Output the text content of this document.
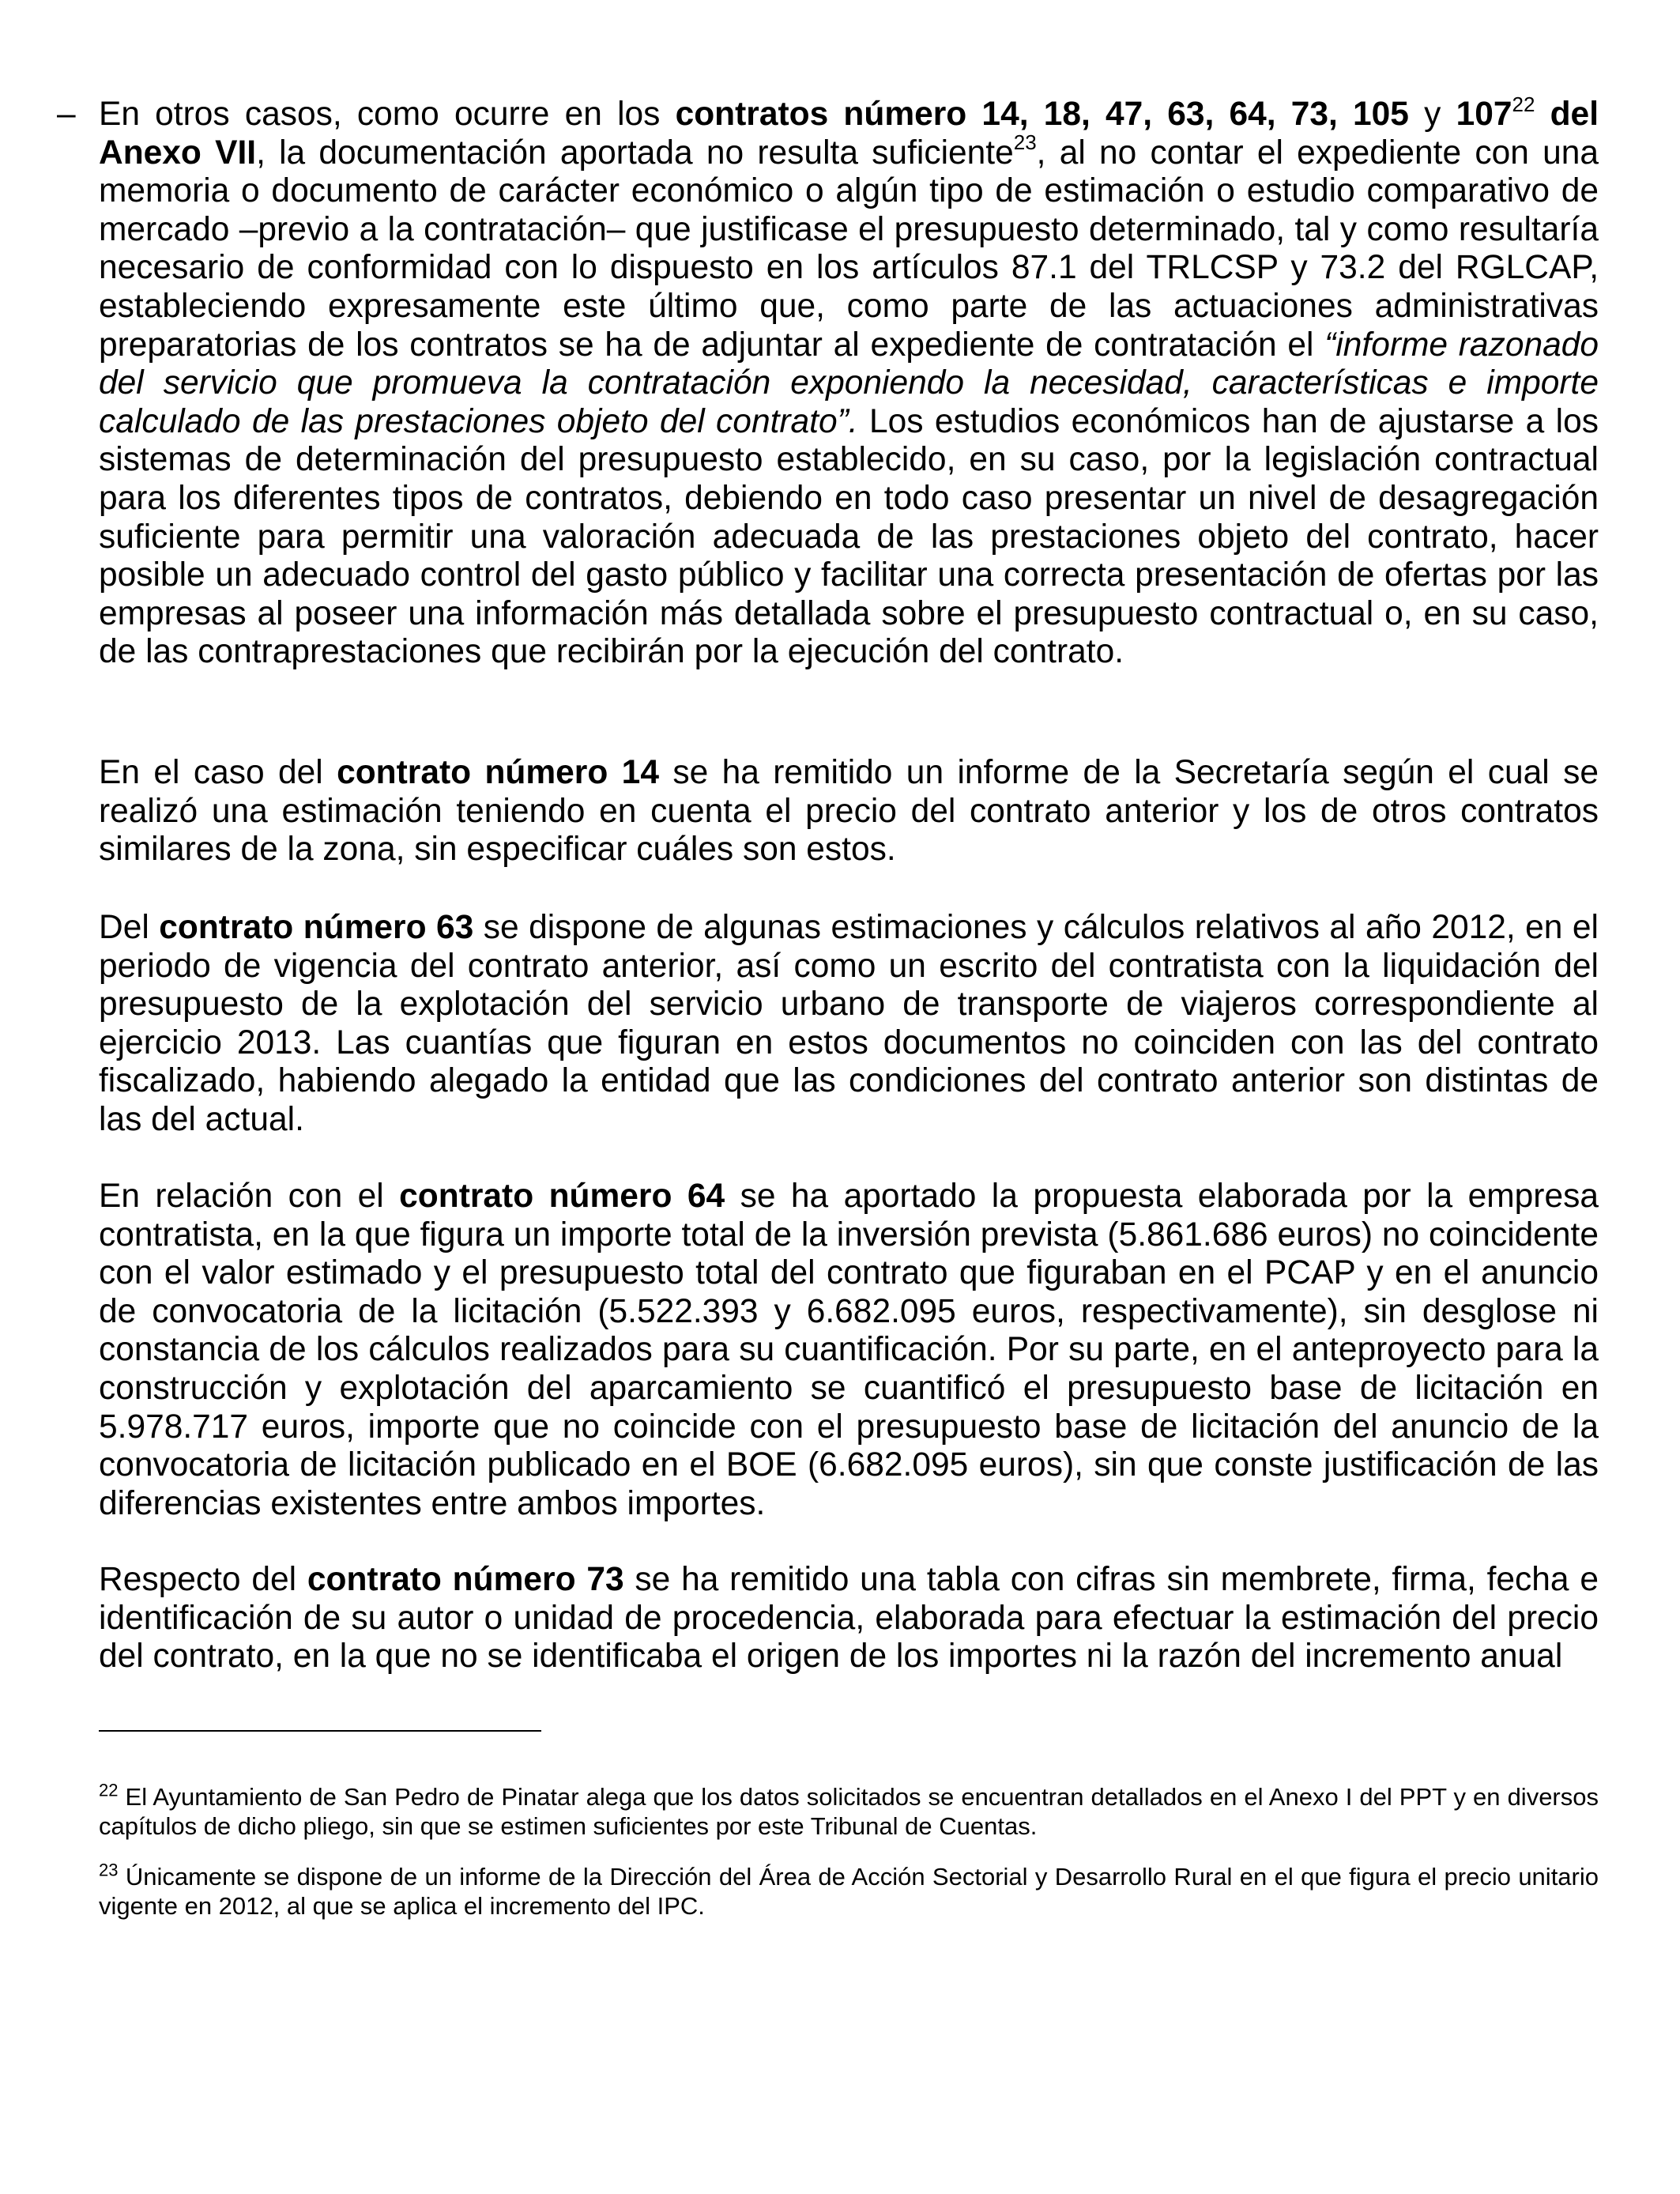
– En otros casos, como ocurre en los contratos número 14, 18, 47, 63, 64, 73, 105 y 107$^{22}$ del Anexo VII, la documentación aportada no resulta suficiente$^{23}$, al no contar el expediente con una memoria o documento de carácter económico o algún tipo de estimación o estudio comparativo de mercado –previo a la contratación– que justificase el presupuesto determinado, tal y como resultaría necesario de conformidad con lo dispuesto en los artículos 87.1 del TRLCSP y 73.2 del RGLCAP, estableciendo expresamente este último que, como parte de las actuaciones administrativas preparatorias de los contratos se ha de adjuntar al expediente de contratación el “informe razonado del servicio que promueva la contratación exponiendo la necesidad, características e importe calculado de las prestaciones objeto del contrato”. Los estudios económicos han de ajustarse a los sistemas de determinación del presupuesto establecido, en su caso, por la legislación contractual para los diferentes tipos de contratos, debiendo en todo caso presentar un nivel de desagregación suficiente para permitir una valoración adecuada de las prestaciones objeto del contrato, hacer posible un adecuado control del gasto público y facilitar una correcta presentación de ofertas por las empresas al poseer una información más detallada sobre el presupuesto contractual o, en su caso, de las contraprestaciones que recibirán por la ejecución del contrato.

En el caso del contrato número 14 se ha remitido un informe de la Secretaría según el cual se realizó una estimación teniendo en cuenta el precio del contrato anterior y los de otros contratos similares de la zona, sin especificar cuáles son estos.

Del contrato número 63 se dispone de algunas estimaciones y cálculos relativos al año 2012, en el periodo de vigencia del contrato anterior, así como un escrito del contratista con la liquidación del presupuesto de la explotación del servicio urbano de transporte de viajeros correspondiente al ejercicio 2013. Las cuantías que figuran en estos documentos no coinciden con las del contrato fiscalizado, habiendo alegado la entidad que las condiciones del contrato anterior son distintas de las del actual.

En relación con el contrato número 64 se ha aportado la propuesta elaborada por la empresa contratista, en la que figura un importe total de la inversión prevista (5.861.686 euros) no coincidente con el valor estimado y el presupuesto total del contrato que figuraban en el PCAP y en el anuncio de convocatoria de la licitación (5.522.393 y 6.682.095 euros, respectivamente), sin desglose ni constancia de los cálculos realizados para su cuantificación. Por su parte, en el anteproyecto para la construcción y explotación del aparcamiento se cuantificó el presupuesto base de licitación en 5.978.717 euros, importe que no coincide con el presupuesto base de licitación del anuncio de la convocatoria de licitación publicado en el BOE (6.682.095 euros), sin que conste justificación de las diferencias existentes entre ambos importes.

Respecto del contrato número 73 se ha remitido una tabla con cifras sin membrete, firma, fecha e identificación de su autor o unidad de procedencia, elaborada para efectuar la estimación del precio del contrato, en la que no se identificaba el origen de los importes ni la razón del incremento anual

$^{22}$ El Ayuntamiento de San Pedro de Pinatar alega que los datos solicitados se encuentran detallados en el Anexo I del PPT y en diversos capítulos de dicho pliego, sin que se estimen suficientes por este Tribunal de Cuentas.
$^{23}$ Únicamente se dispone de un informe de la Dirección del Área de Acción Sectorial y Desarrollo Rural en el que figura el precio unitario vigente en 2012, al que se aplica el incremento del IPC.
